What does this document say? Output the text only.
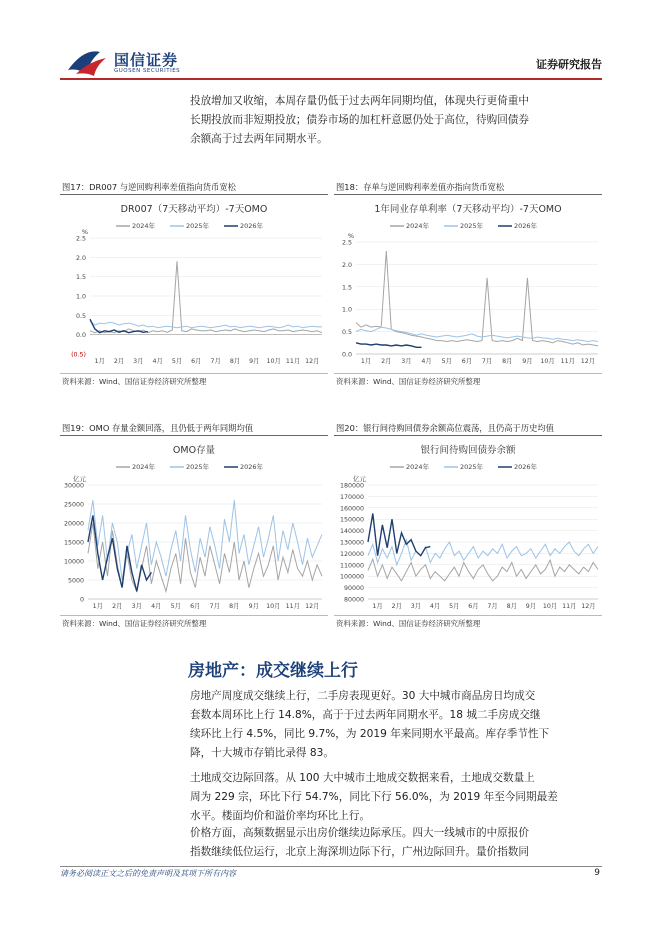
国信证券
GUOSEN SECURITIES	证券研究报告
投放增加又收缩，本周存量仍低于过去两年同期均值，体现央行更倚重中
长期投放而非短期投放；债券市场的加杠杆意愿仍处于高位，待购回债券
余额高于过去两年同期水平。
图17：DR007 与逆回购利率差值指向货币宽松	图18：存单与逆回购利率差值亦指向货币宽松
DR007（7天移动平均）-7天OMO
2024年	2025年	2026年
%
2.5
2.0
1.5
1.0
0.5
0.0
(0.5)
1月 2月 3月 4月 5月 6月 7月 8月 9月 10月 11月 12月
1年同业存单利率（7天移动平均）-7天OMO
2024年	2025年	2026年
%
2.5
2.0
1.5
1.0
0.5
0.0
1月 2月 3月 4月 5月 6月 7月 8月 9月 10月 11月 12月
资料来源：Wind、国信证券经济研究所整理	资料来源：Wind、国信证券经济研究所整理
图19：OMO 存量金额回落，且仍低于两年同期均值	图20：银行间待购回债券余额高位震荡，且仍高于历史均值
OMO存量
2024年	2025年	2026年
亿元
30000
25000
20000
15000
10000
5000
0
1月 2月 3月 4月 5月 6月 7月 8月 9月 10月 11月 12月
银行间待购回债券余额
2024年	2025年	2026年
亿元
180000
170000
160000
150000
140000
130000
120000
110000
100000
90000
80000
1月 2月 3月 4月 5月 6月 7月 8月 9月 10月 11月 12月
资料来源：Wind、国信证券经济研究所整理	资料来源：Wind、国信证券经济研究所整理
房地产：成交继续上行
房地产周度成交继续上行，二手房表现更好。30 大中城市商品房日均成交
套数本周环比上行 14.8%，高于于过去两年同期水平。18 城二手房成交继
续环比上行 4.5%，同比 9.7%，为 2019 年来同期水平最高。库存季节性下
降，十大城市存销比录得 83。
土地成交边际回落。从 100 大中城市土地成交数据来看，土地成交数量上
周为 229 宗，环比下行 54.7%，同比下行 56.0%，为 2019 年至今同期最差
水平。楼面均价和溢价率均环比上行。
价格方面，高频数据显示出房价继续边际承压。四大一线城市的中原报价
指数继续低位运行，北京上海深圳边际下行，广州边际回升。量价指数同
请务必阅读正文之后的免责声明及其项下所有内容	9
